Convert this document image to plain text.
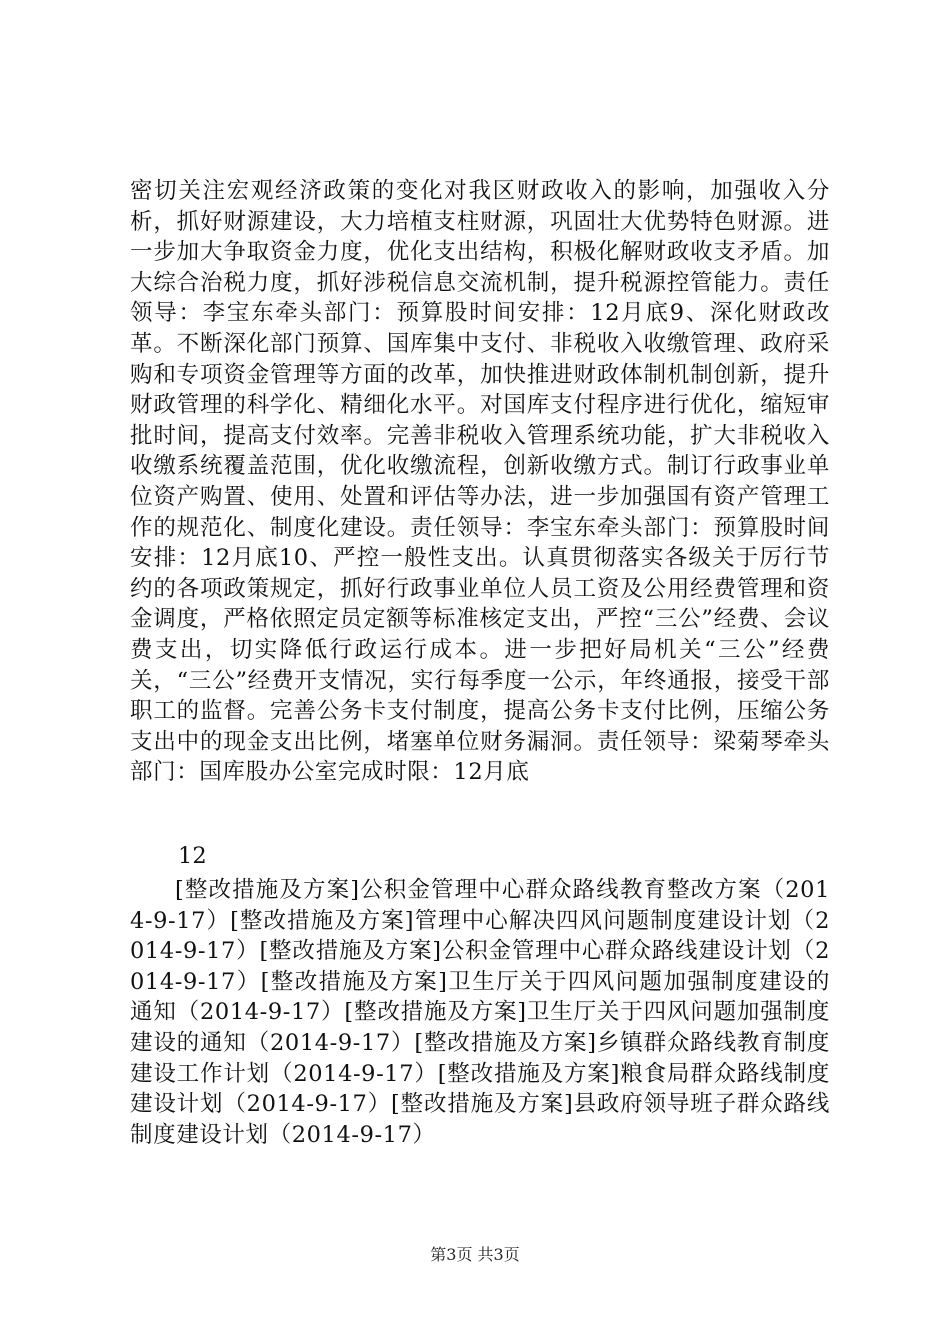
密切关注宏观经济政策的变化对我区财政收入的影响，加强收入分析，抓好财源建设，大力培植支柱财源，巩固壮大优势特色财源。进一步加大争取资金力度，优化支出结构，积极化解财政收支矛盾。加大综合治税力度，抓好涉税信息交流机制，提升税源控管能力。责任领导：李宝东牵头部门：预算股时间安排：12月底9、深化财政改革。不断深化部门预算、国库集中支付、非税收入收缴管理、政府采购和专项资金管理等方面的改革，加快推进财政体制机制创新，提升财政管理的科学化、精细化水平。对国库支付程序进行优化，缩短审批时间，提高支付效率。完善非税收入管理系统功能，扩大非税收入收缴系统覆盖范围，优化收缴流程，创新收缴方式。制订行政事业单位资产购置、使用、处置和评估等办法，进一步加强国有资产管理工作的规范化、制度化建设。责任领导：李宝东牵头部门：预算股时间安排：12月底10、严控一般性支出。认真贯彻落实各级关于厉行节约的各项政策规定，抓好行政事业单位人员工资及公用经费管理和资金调度，严格依照定员定额等标准核定支出，严控“三公”经费、会议费支出，切实降低行政运行成本。进一步把好局机关“三公”经费关，“三公”经费开支情况，实行每季度一公示，年终通报，接受干部职工的监督。完善公务卡支付制度，提高公务卡支付比例，压缩公务支出中的现金支出比例，堵塞单位财务漏洞。责任领导：梁菊琴牵头部门：国库股办公室完成时限：12月底

12

[整改措施及方案]公积金管理中心群众路线教育整改方案（2014-9-17）[整改措施及方案]管理中心解决四风问题制度建设计划（2014-9-17）[整改措施及方案]公积金管理中心群众路线建设计划（2014-9-17）[整改措施及方案]卫生厅关于四风问题加强制度建设的通知（2014-9-17）[整改措施及方案]卫生厅关于四风问题加强制度建设的通知（2014-9-17）[整改措施及方案]乡镇群众路线教育制度建设工作计划（2014-9-17）[整改措施及方案]粮食局群众路线制度建设计划（2014-9-17）[整改措施及方案]县政府领导班子群众路线制度建设计划（2014-9-17）

第3页 共3页
